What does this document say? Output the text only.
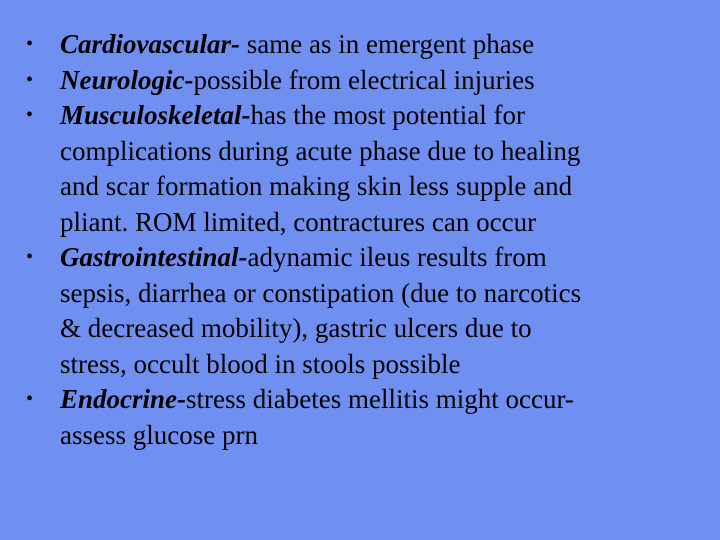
• Cardiovascular- same as in emergent phase
• Neurologic-possible from electrical injuries
• Musculoskeletal-has the most potential for
complications during acute phase due to healing
and scar formation making skin less supple and
pliant. ROM limited, contractures can occur
• Gastrointestinal-adynamic ileus results from
sepsis, diarrhea or constipation (due to narcotics
& decreased mobility), gastric ulcers due to
stress, occult blood in stools possible
• Endocrine-stress diabetes mellitis might occur-
assess glucose prn
